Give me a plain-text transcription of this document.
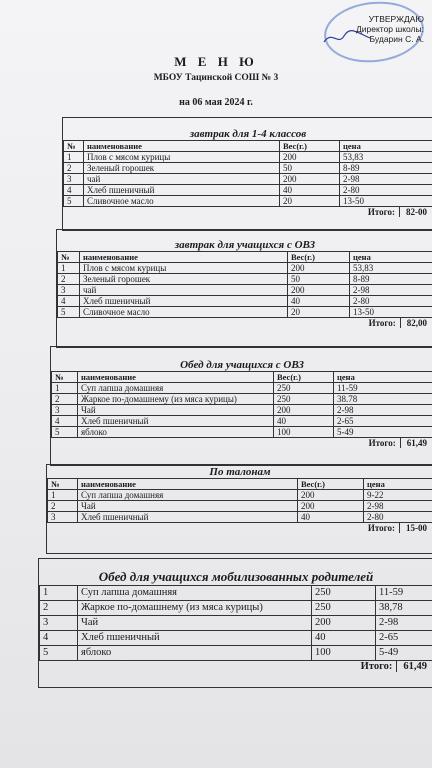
УТВЕРЖДАЮ
Директор школы:
Бударин С. А.
М Е Н Ю
МБОУ Тацинской СОШ № 3
на 06 мая 2024 г.
завтрак для 1-4 классов
№	наименование	Вес(г.)	цена
1	Плов с мясом курицы	200	53,83
2	Зеленый горошек	50	8-89
3	чай	200	2-98
4	Хлеб пшеничный	40	2-80
5	Сливочное масло	20	13-50
Итого: 82-00
завтрак для учащихся с ОВЗ
№	наименование	Вес(г.)	цена
1	Плов с мясом курицы	200	53,83
2	Зеленый горошек	50	8-89
3	чай	200	2-98
4	Хлеб пшеничный	40	2-80
5	Сливочное масло	20	13-50
Итого: 82,00
Обед для учащихся с ОВЗ
№	наименование	Вес(г.)	цена
1	Суп лапша домашняя	250	11-59
2	Жаркое по-домашнему (из мяса курицы)	250	38.78
3	Чай	200	2-98
4	Хлеб пшеничный	40	2-65
5	яблоко	100	5-49
Итого: 61,49
По талонам
№	наименование	Вес(г.)	цена
1	Суп лапша домашняя	200	9-22
2	Чай	200	2-98
3	Хлеб пшеничный	40	2-80
Итого: 15-00
Обед для учащихся мобилизованных родителей
1	Суп лапша домашняя	250	11-59
2	Жаркое по-домашнему (из мяса курицы)	250	38,78
3	Чай	200	2-98
4	Хлеб пшеничный	40	2-65
5	яблоко	100	5-49
Итого: 61,49
